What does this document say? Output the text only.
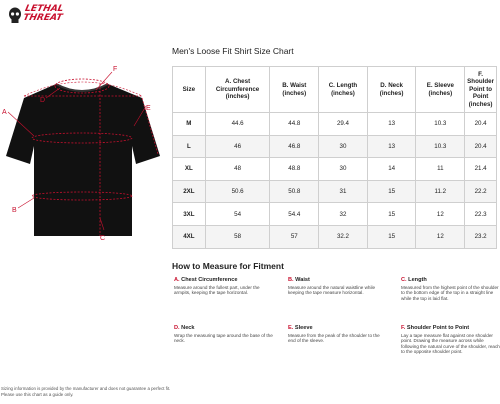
LETHAL
THREAT
A
B
C
D
E
F
Men's Loose Fit Shirt Size Chart
Size	A. Chest Circumference (inches)	B. Waist (inches)	C. Length (inches)	D. Neck (inches)	E. Sleeve (inches)	F. Shoulder Point to Point (inches)
M	44.6	44.8	29.4	13	10.3	20.4
L	46	46.8	30	13	10.3	20.4
XL	48	48.8	30	14	11	21.4
2XL	50.6	50.8	31	15	11.2	22.2
3XL	54	54.4	32	15	12	22.3
4XL	58	57	32.2	15	12	23.2
How to Measure for Fitment
A. Chest Circumference
Measure around the fullest part, under the armpits, keeping the tape horizontal.
B. Waist
Measure around the natural waistline while keeping the tape measure horizontal.
C. Length
Measured from the highest point of the shoulder to the bottom edge of the top in a straight line while the top is laid flat.
D. Neck
Wrap the measuring tape around the base of the neck.
E. Sleeve
Measure from the peak of the shoulder to the end of the sleeve.
F. Shoulder Point to Point
Lay a tape measure flat against one shoulder point. Drawing the measure across while following the natural curve of the shoulder, reach to the opposite shoulder point.
Sizing information is provided by the manufacturer and does not guarantee a perfect fit.
Please use this chart as a guide only.
